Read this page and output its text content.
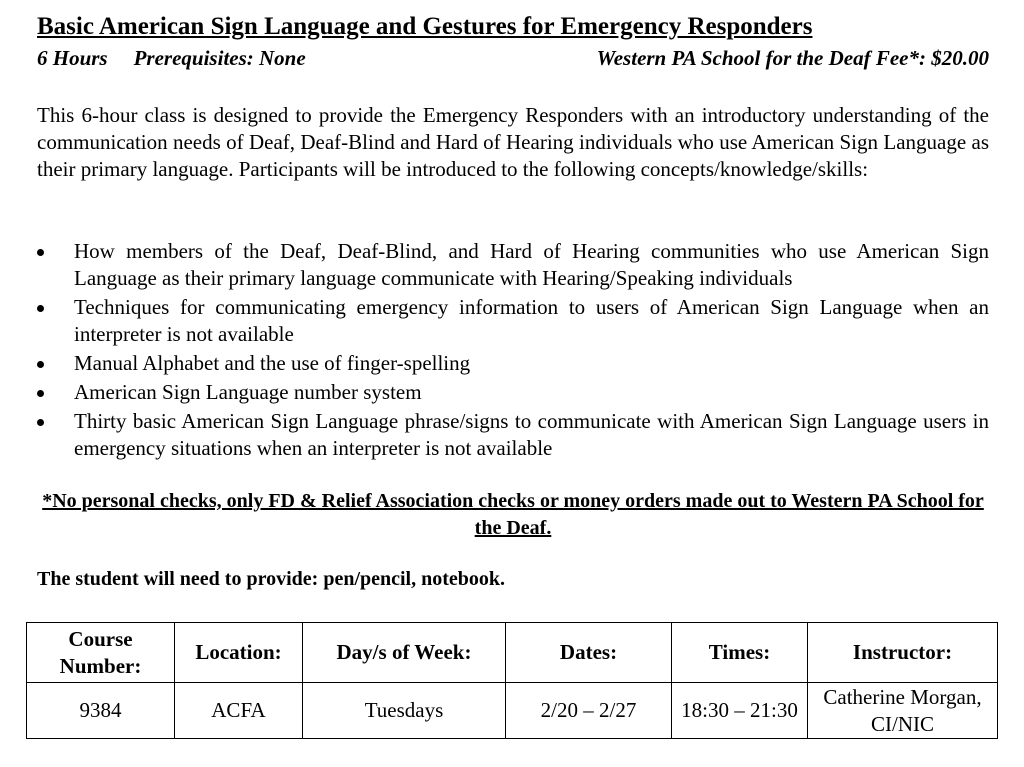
Basic American Sign Language and Gestures for Emergency Responders
6 Hours Prerequisites: None	Western PA School for the Deaf Fee*: $20.00

This 6-hour class is designed to provide the Emergency Responders with an introductory understanding of the communication needs of Deaf, Deaf-Blind and Hard of Hearing individuals who use American Sign Language as their primary language. Participants will be introduced to the following concepts/knowledge/skills:

How members of the Deaf, Deaf-Blind, and Hard of Hearing communities who use American Sign Language as their primary language communicate with Hearing/Speaking individuals
Techniques for communicating emergency information to users of American Sign Language when an interpreter is not available
Manual Alphabet and the use of finger-spelling
American Sign Language number system
Thirty basic American Sign Language phrase/signs to communicate with American Sign Language users in emergency situations when an interpreter is not available

*No personal checks, only FD & Relief Association checks or money orders made out to Western PA School for the Deaf.

The student will need to provide: pen/pencil, notebook.

Course Number:	Location:	Day/s of Week:	Dates:	Times:	Instructor:
9384	ACFA	Tuesdays	2/20 – 2/27	18:30 – 21:30	Catherine Morgan, CI/NIC
